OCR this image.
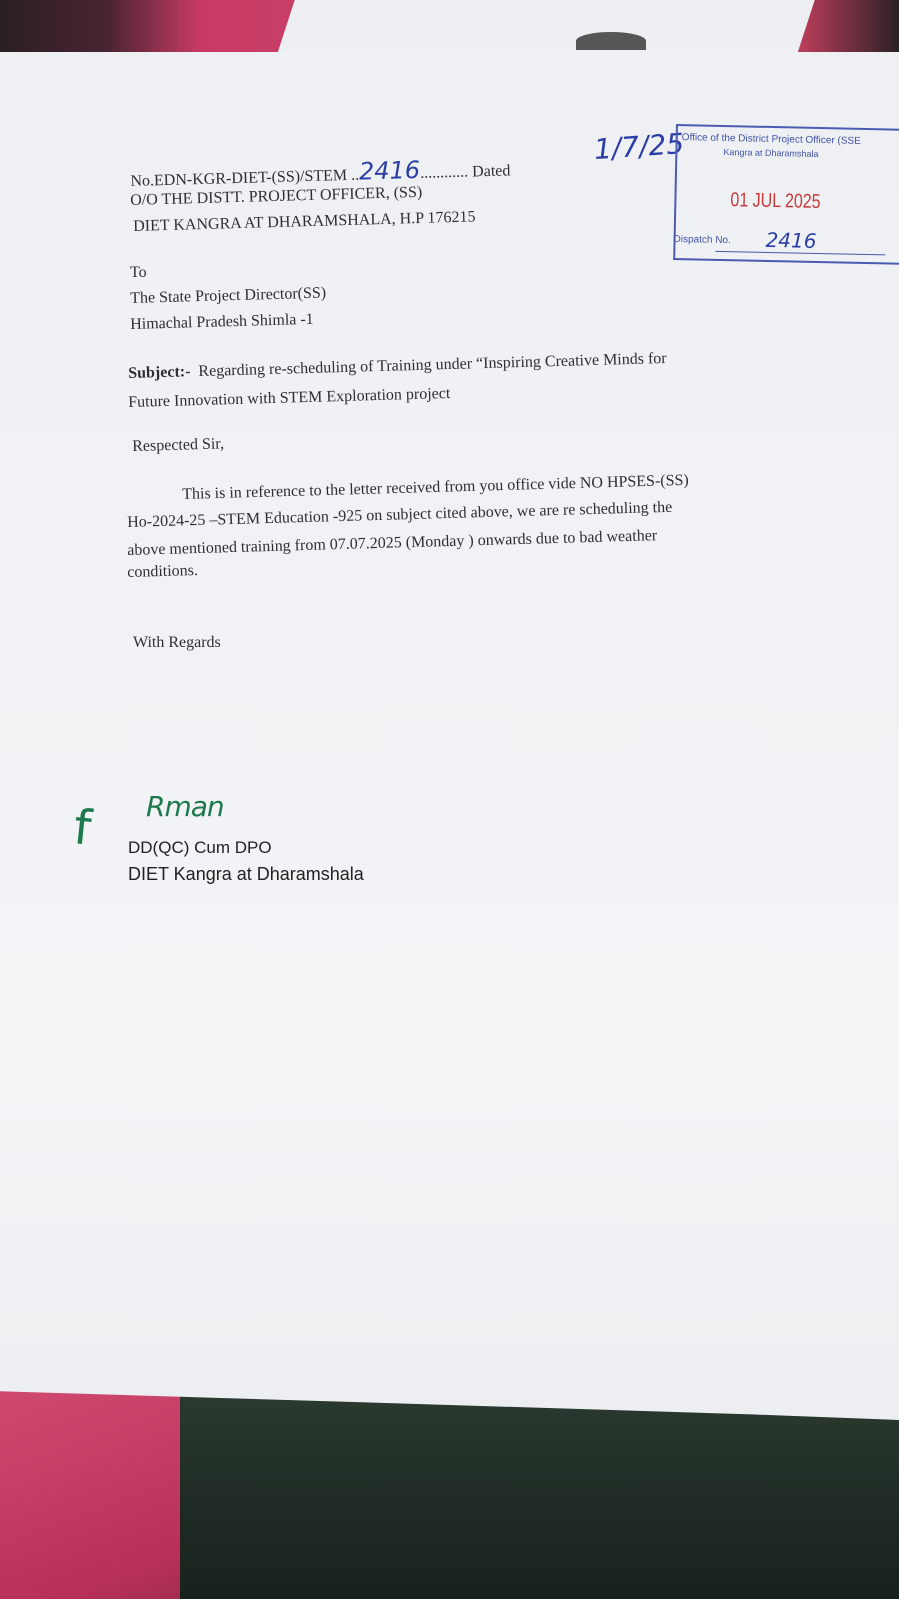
No.EDN-KGR-DIET-(SS)/STEM ..2416............ Dated
1/7/25
O/O THE DISTT. PROJECT OFFICER, (SS)
DIET KANGRA AT DHARAMSHALA, H.P 176215
Office of the District Project Officer (SSE
Kangra at Dharamshala
01 JUL 2025
Dispatch No. 2416
To
The State Project Director(SS)
Himachal Pradesh Shimla -1
Subject:- Regarding re-scheduling of Training under “Inspiring Creative Minds for
Future Innovation with STEM Exploration project
Respected Sir,
This is in reference to the letter received from you office vide NO HPSES-(SS)
Ho-2024-25 –STEM Education -925 on subject cited above, we are re scheduling the
above mentioned training from 07.07.2025 (Monday ) onwards due to bad weather
conditions.
With Regards
f Rman
DD(QC) Cum DPO
DIET Kangra at Dharamshala
